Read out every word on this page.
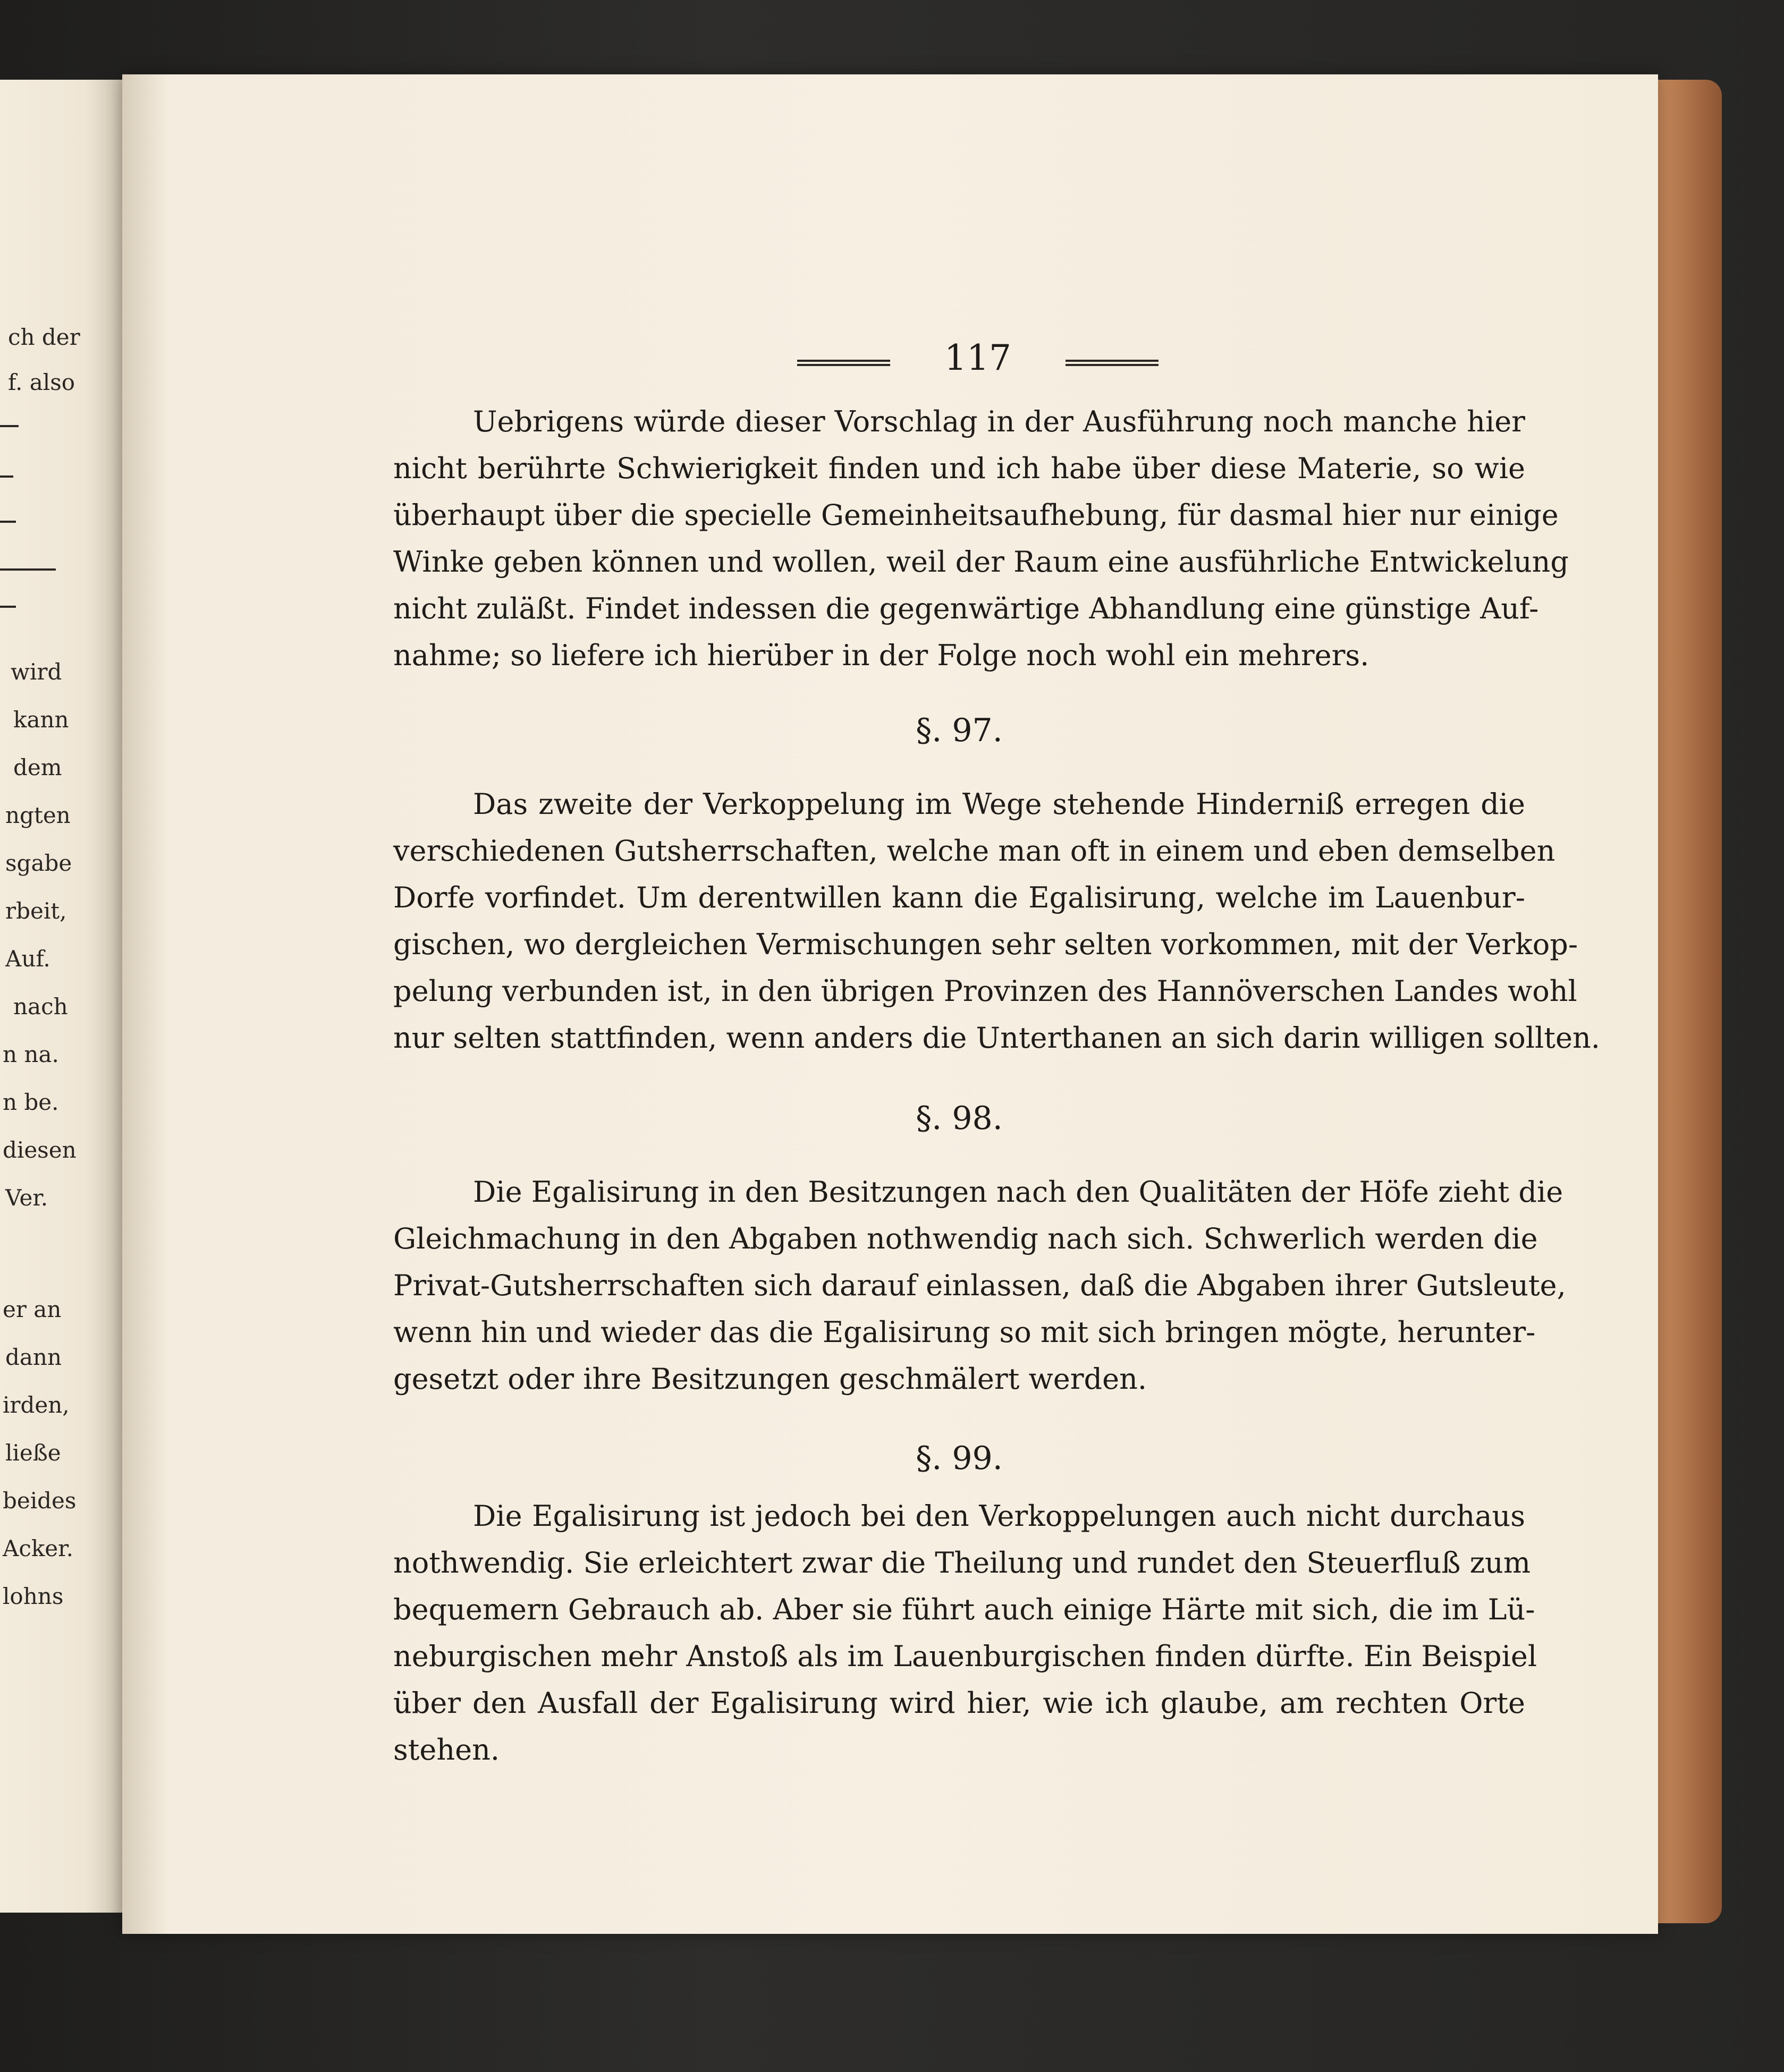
ch der
f. also
wird
kann
dem
ngten
sgabe
rbeit,
Auf.
nach
n na.
n be.
diesen
Ver.
er an
dann
irden,
ließe
beides
Acker.
lohns
117
Uebrigens würde dieser Vorschlag in der Ausführung noch manche hier
nicht berührte Schwierigkeit finden und ich habe über diese Materie, so wie
überhaupt über die specielle Gemeinheitsaufhebung, für dasmal hier nur einige
Winke geben können und wollen, weil der Raum eine ausführliche Entwickelung
nicht zuläßt. Findet indessen die gegenwärtige Abhandlung eine günstige Auf-
nahme; so liefere ich hierüber in der Folge noch wohl ein mehrers.
§. 97.
Das zweite der Verkoppelung im Wege stehende Hinderniß erregen die
verschiedenen Gutsherrschaften, welche man oft in einem und eben demselben
Dorfe vorfindet. Um derentwillen kann die Egalisirung, welche im Lauenbur-
gischen, wo dergleichen Vermischungen sehr selten vorkommen, mit der Verkop-
pelung verbunden ist, in den übrigen Provinzen des Hannöverschen Landes wohl
nur selten stattfinden, wenn anders die Unterthanen an sich darin willigen sollten.
§. 98.
Die Egalisirung in den Besitzungen nach den Qualitäten der Höfe zieht die
Gleichmachung in den Abgaben nothwendig nach sich. Schwerlich werden die
Privat-Gutsherrschaften sich darauf einlassen, daß die Abgaben ihrer Gutsleute,
wenn hin und wieder das die Egalisirung so mit sich bringen mögte, herunter-
gesetzt oder ihre Besitzungen geschmälert werden.
§. 99.
Die Egalisirung ist jedoch bei den Verkoppelungen auch nicht durchaus
nothwendig. Sie erleichtert zwar die Theilung und rundet den Steuerfluß zum
bequemern Gebrauch ab. Aber sie führt auch einige Härte mit sich, die im Lü-
neburgischen mehr Anstoß als im Lauenburgischen finden dürfte. Ein Beispiel
über den Ausfall der Egalisirung wird hier, wie ich glaube, am rechten Orte
stehen.
